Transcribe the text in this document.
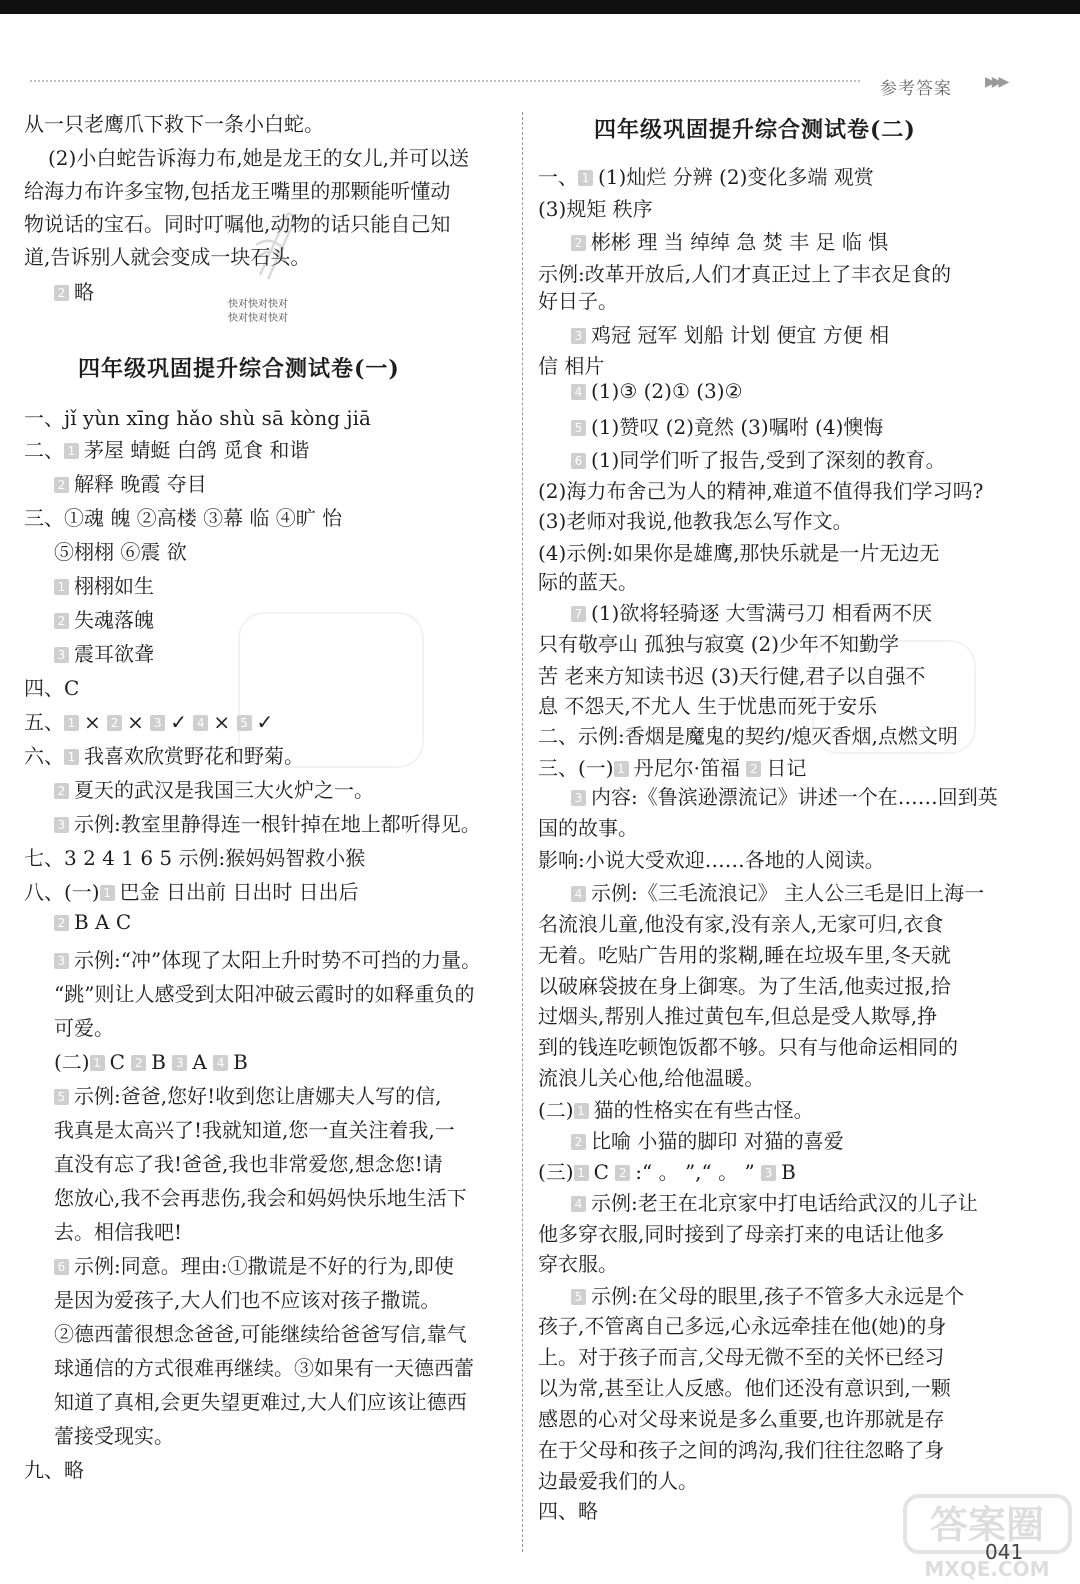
参考答案 ▶▶▶
快对快对快对
快对快对快对
从一只老鹰爪下救下一条小白蛇。
(2)小白蛇告诉海力布,她是龙王的女儿,并可以送
给海力布许多宝物,包括龙王嘴里的那颗能听懂动
物说话的宝石。同时叮嘱他,动物的话只能自己知
道,告诉别人就会变成一块石头。
2 略
四年级巩固提升综合测试卷(一)
一、jǐ yùn xīng hǎo shù sā kòng jiā
二、 1 茅屋 蜻蜓 白鸽 觅食 和谐
2 解释 晚霞 夺目
三、①魂 魄 ②高楼 ③幕 临 ④旷 怡
⑤栩栩 ⑥震 欲
1 栩栩如生
2 失魂落魄
3 震耳欲聋
四、C
五、 1 × 2 × 3 ✓ 4 × 5 ✓
六、 1 我喜欢欣赏野花和野菊。
2 夏天的武汉是我国三大火炉之一。
3 示例:教室里静得连一根针掉在地上都听得见。
七、3 2 4 1 6 5 示例:猴妈妈智救小猴
八、(一) 1 巴金 日出前 日出时 日出后
2 B A C
3 示例:“冲”体现了太阳上升时势不可挡的力量。
“跳”则让人感受到太阳冲破云霞时的如释重负的
可爱。
(二) 1 C 2 B 3 A 4 B
5 示例:爸爸,您好!收到您让唐娜夫人写的信,
我真是太高兴了!我就知道,您一直关注着我,一
直没有忘了我!爸爸,我也非常爱您,想念您!请
您放心,我不会再悲伤,我会和妈妈快乐地生活下
去。相信我吧!
6 示例:同意。理由:①撒谎是不好的行为,即使
是因为爱孩子,大人们也不应该对孩子撒谎。
②德西蕾很想念爸爸,可能继续给爸爸写信,靠气
球通信的方式很难再继续。③如果有一天德西蕾
知道了真相,会更失望更难过,大人们应该让德西
蕾接受现实。
九、略
四年级巩固提升综合测试卷(二)
一、 1 (1)灿烂 分辨 (2)变化多端 观赏
(3)规矩 秩序
2 彬彬 理 当 绰绰 急 焚 丰 足 临 惧
示例:改革开放后,人们才真正过上了丰衣足食的
好日子。
3 鸡冠 冠军 划船 计划 便宜 方便 相
信 相片
4 (1)③ (2)① (3)②
5 (1)赞叹 (2)竟然 (3)嘱咐 (4)懊悔
6 (1)同学们听了报告,受到了深刻的教育。
(2)海力布舍己为人的精神,难道不值得我们学习吗?
(3)老师对我说,他教我怎么写作文。
(4)示例:如果你是雄鹰,那快乐就是一片无边无
际的蓝天。
7 (1)欲将轻骑逐 大雪满弓刀 相看两不厌
只有敬亭山 孤独与寂寞 (2)少年不知勤学
苦 老来方知读书迟 (3)天行健,君子以自强不
息 不怨天,不尤人 生于忧患而死于安乐
二、示例:香烟是魔鬼的契约/熄灭香烟,点燃文明
三、(一) 1 丹尼尔·笛福 2 日记
3 内容:《鲁滨逊漂流记》讲述一个在……回到英
国的故事。
影响:小说大受欢迎……各地的人阅读。
4 示例:《三毛流浪记》 主人公三毛是旧上海一
名流浪儿童,他没有家,没有亲人,无家可归,衣食
无着。吃贴广告用的浆糊,睡在垃圾车里,冬天就
以破麻袋披在身上御寒。为了生活,他卖过报,拾
过烟头,帮别人推过黄包车,但总是受人欺辱,挣
到的钱连吃顿饱饭都不够。只有与他命运相同的
流浪儿关心他,给他温暖。
(二) 1 猫的性格实在有些古怪。
2 比喻 小猫的脚印 对猫的喜爱
(三) 1 C 2 :“ 。 ”,“ 。 ” 3 B
4 示例:老王在北京家中打电话给武汉的儿子让
他多穿衣服,同时接到了母亲打来的电话让他多
穿衣服。
5 示例:在父母的眼里,孩子不管多大永远是个
孩子,不管离自己多远,心永远牵挂在他(她)的身
上。对于孩子而言,父母无微不至的关怀已经习
以为常,甚至让人反感。他们还没有意识到,一颗
感恩的心对父母来说是多么重要,也许那就是存
在于父母和孩子之间的鸿沟,我们往往忽略了身
边最爱我们的人。
四、略	答案圈
MXQE.COM
041
